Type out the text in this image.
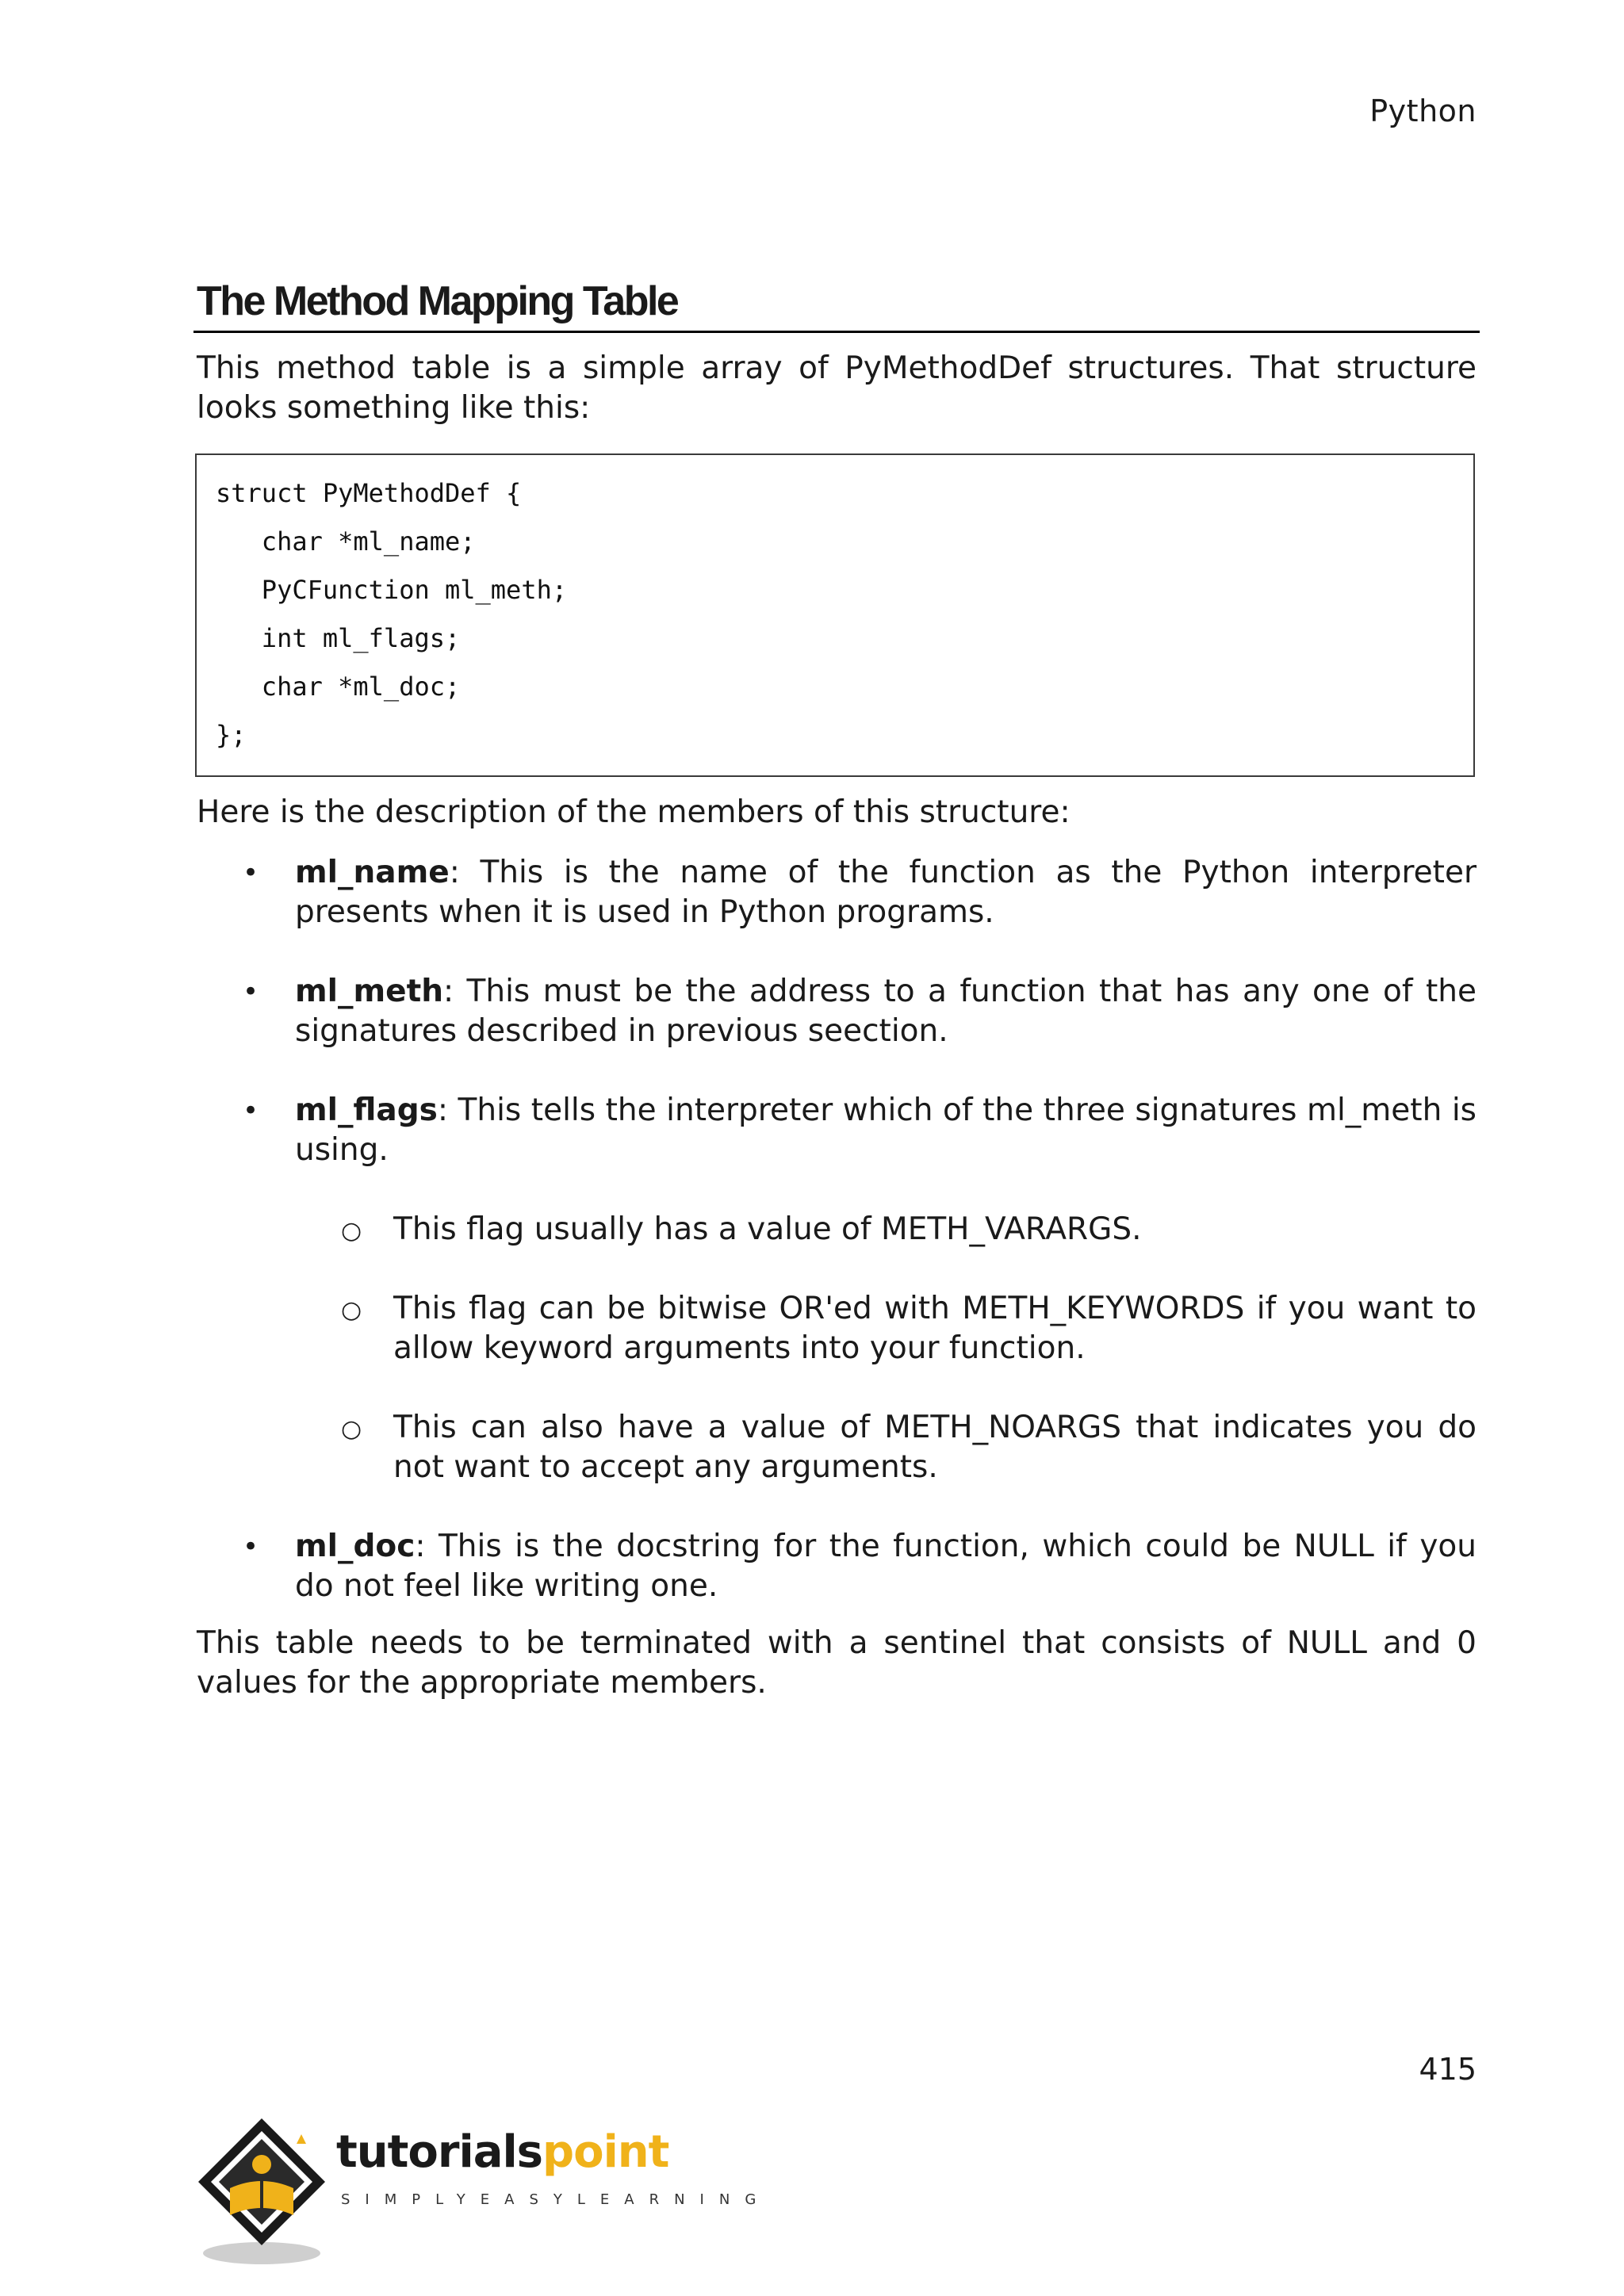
Python
The Method Mapping Table

This method table is a simple array of PyMethodDef structures. That structure looks something like this:

struct PyMethodDef {
char *ml_name;
PyCFunction ml_meth;
int ml_flags;
char *ml_doc;
};

Here is the description of the members of this structure:

• ml_name: This is the name of the function as the Python interpreter presents when it is used in Python programs.
• ml_meth: This must be the address to a function that has any one of the signatures described in previous seection.
• ml_flags: This tells the interpreter which of the three signatures ml_meth is using.
○ This flag usually has a value of METH_VARARGS.
○ This flag can be bitwise OR'ed with METH_KEYWORDS if you want to allow keyword arguments into your function.
○ This can also have a value of METH_NOARGS that indicates you do not want to accept any arguments.
• ml_doc: This is the docstring for the function, which could be NULL if you do not feel like writing one.

This table needs to be terminated with a sentinel that consists of NULL and 0 values for the appropriate members.

415
tutorialspoint
SIMPLYEASYLEARNING
